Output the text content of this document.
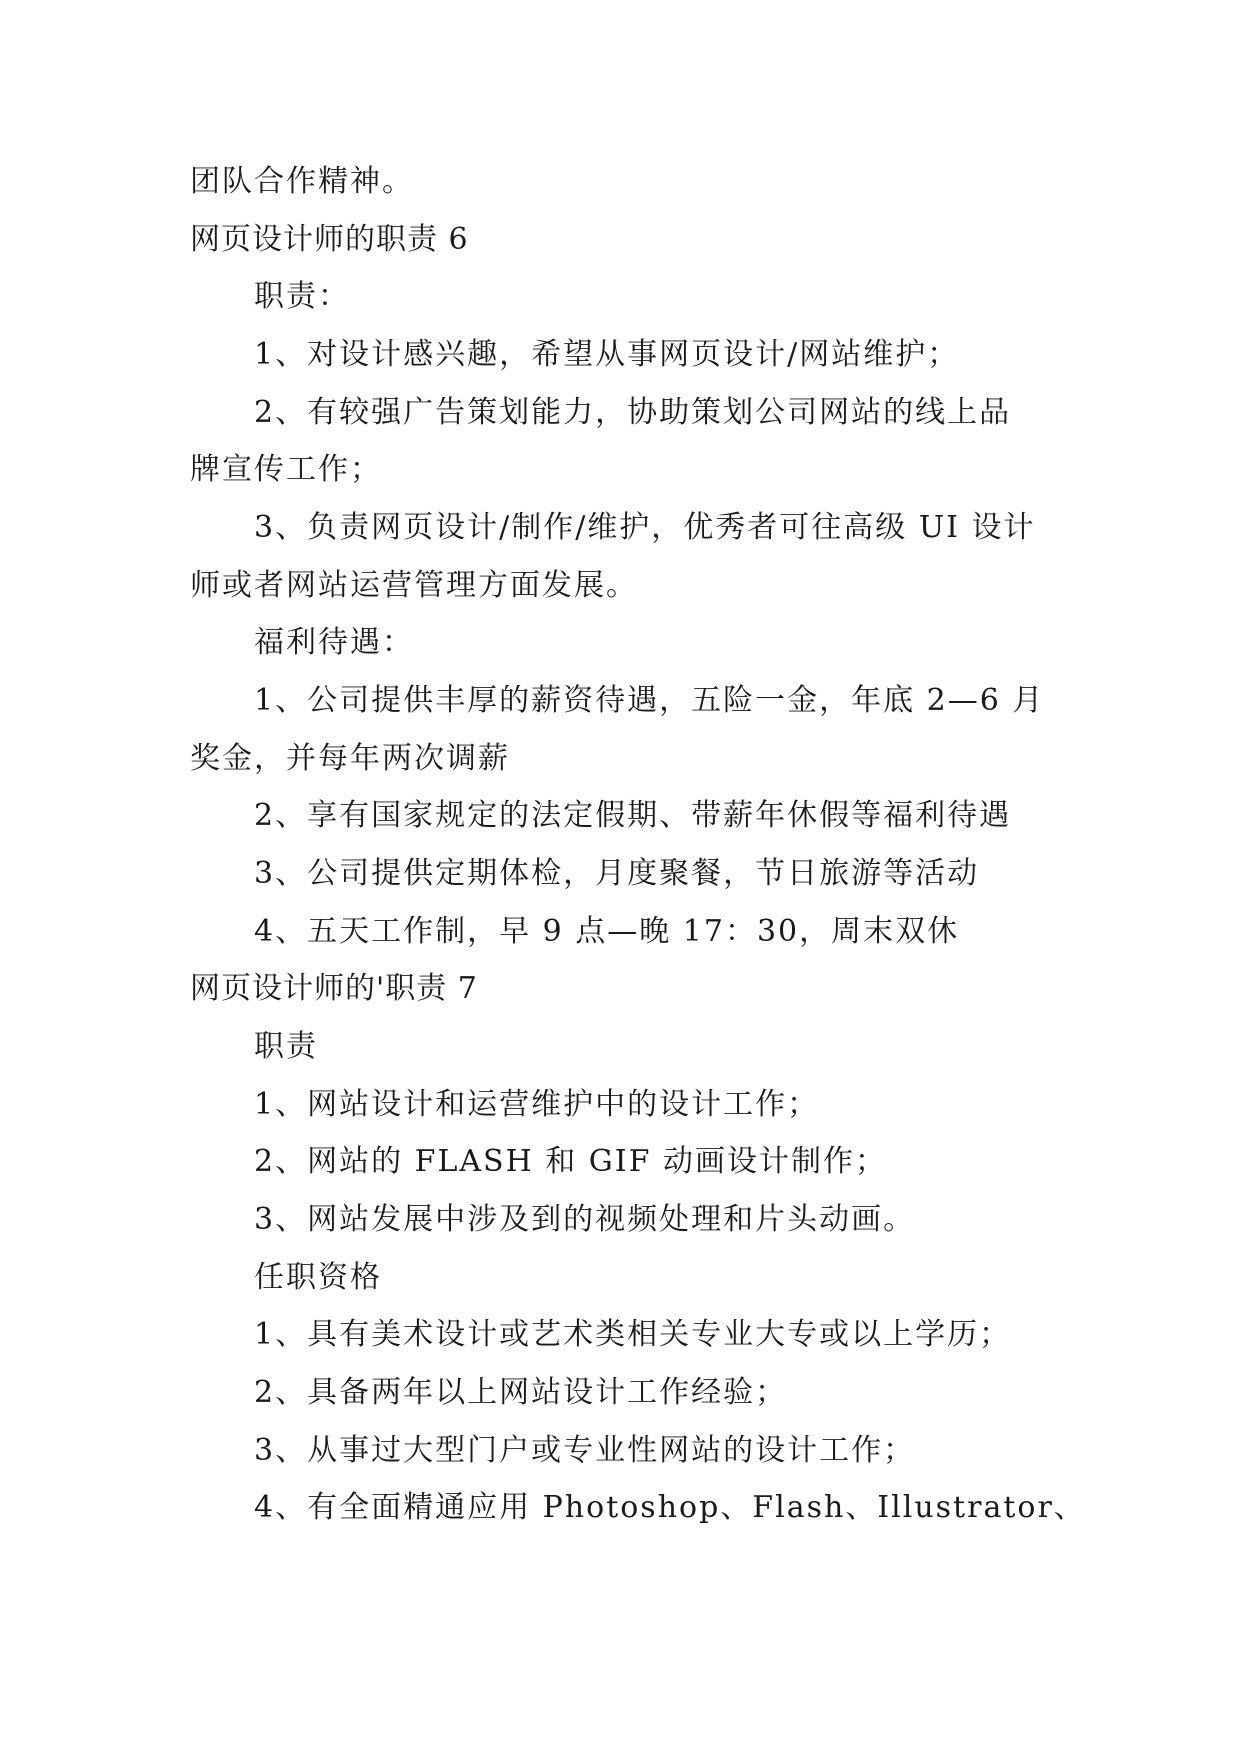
团队合作精神。
网页设计师的职责 6
职责：
1、对设计感兴趣，希望从事网页设计/网站维护；
2、有较强广告策划能力，协助策划公司网站的线上品
牌宣传工作；
3、负责网页设计/制作/维护，优秀者可往高级 UI 设计
师或者网站运营管理方面发展。
福利待遇：
1、公司提供丰厚的薪资待遇，五险一金，年底 2—6 月
奖金，并每年两次调薪
2、享有国家规定的法定假期、带薪年休假等福利待遇
3、公司提供定期体检，月度聚餐，节日旅游等活动
4、五天工作制，早 9 点—晚 17：30，周末双休
网页设计师的'职责 7
职责
1、网站设计和运营维护中的设计工作；
2、网站的 FLASH 和 GIF 动画设计制作；
3、网站发展中涉及到的视频处理和片头动画。
任职资格
1、具有美术设计或艺术类相关专业大专或以上学历；
2、具备两年以上网站设计工作经验；
3、从事过大型门户或专业性网站的设计工作；
4、有全面精通应用 Photoshop、Flash、Illustrator、
